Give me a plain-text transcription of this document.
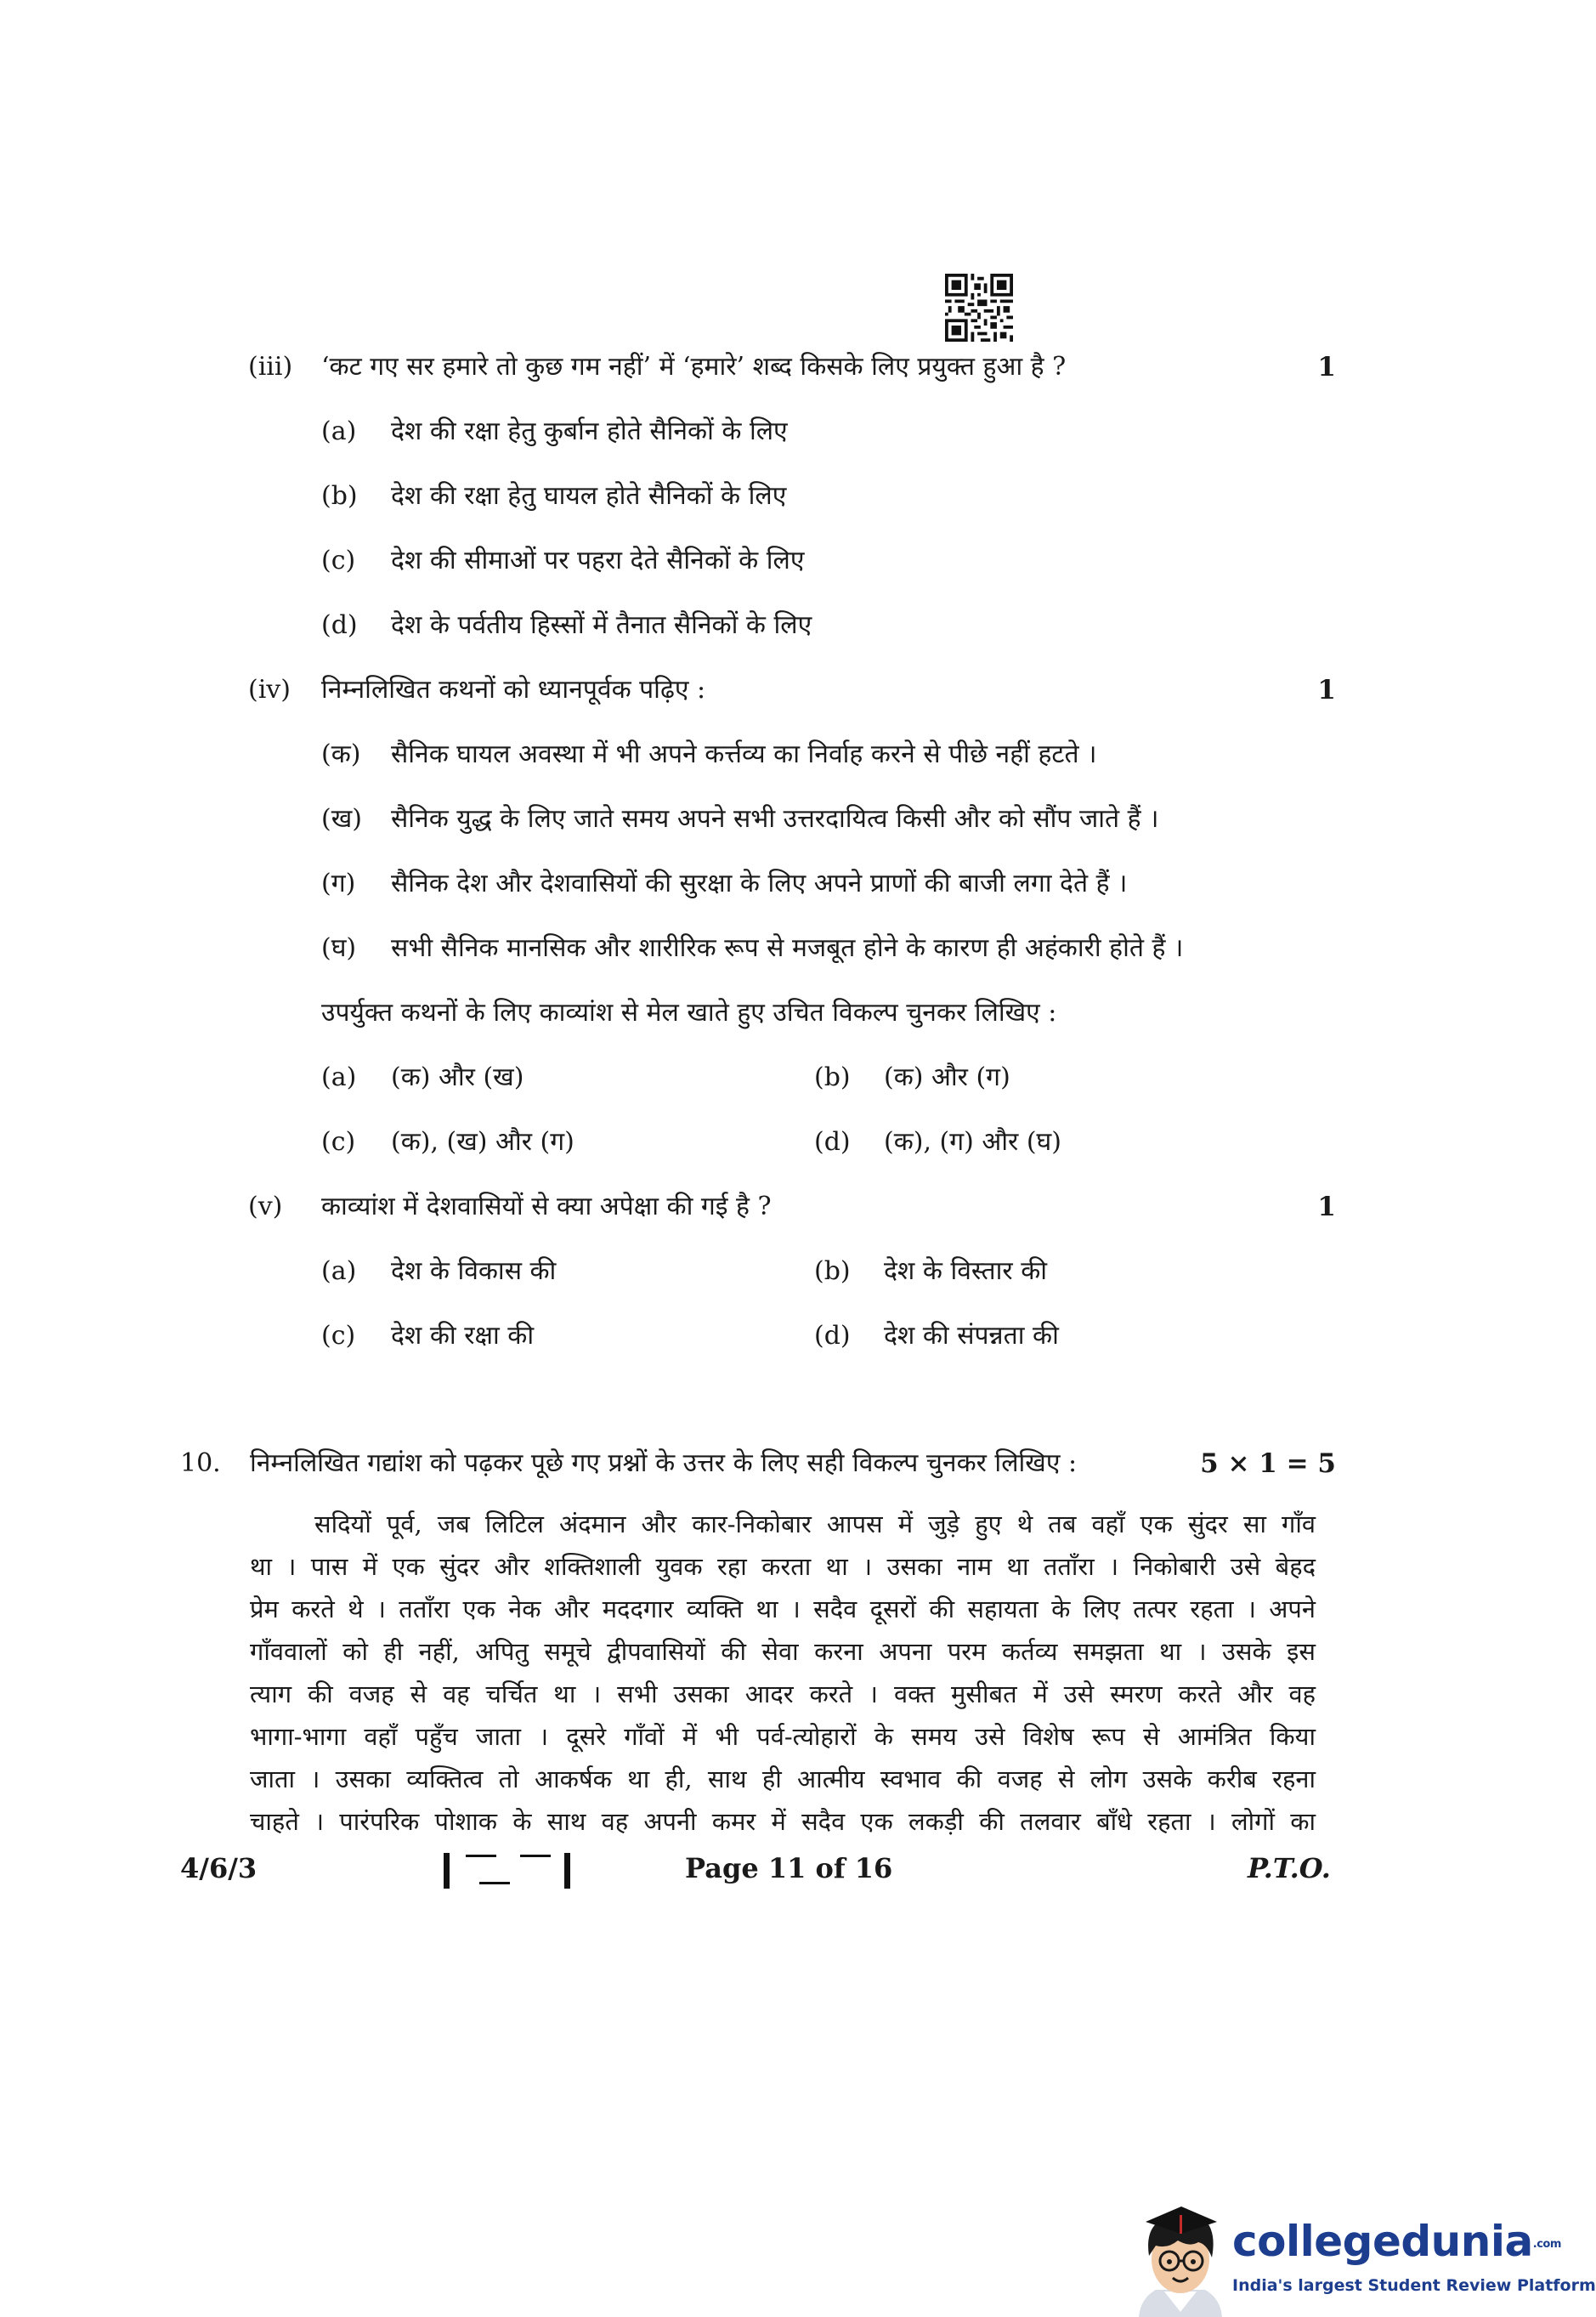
(iii) ‘कट गए सर हमारे तो कुछ गम नहीं’ में ‘हमारे’ शब्द किसके लिए प्रयुक्त हुआ है ?	1
(a) देश की रक्षा हेतु कुर्बान होते सैनिकों के लिए
(b) देश की रक्षा हेतु घायल होते सैनिकों के लिए
(c) देश की सीमाओं पर पहरा देते सैनिकों के लिए
(d) देश के पर्वतीय हिस्सों में तैनात सैनिकों के लिए
(iv) निम्नलिखित कथनों को ध्यानपूर्वक पढ़िए :	1
(क) सैनिक घायल अवस्था में भी अपने कर्त्तव्य का निर्वाह करने से पीछे नहीं हटते ।
(ख) सैनिक युद्ध के लिए जाते समय अपने सभी उत्तरदायित्व किसी और को सौंप जाते हैं ।
(ग) सैनिक देश और देशवासियों की सुरक्षा के लिए अपने प्राणों की बाजी लगा देते हैं ।
(घ) सभी सैनिक मानसिक और शारीरिक रूप से मजबूत होने के कारण ही अहंकारी होते हैं ।
उपर्युक्त कथनों के लिए काव्यांश से मेल खाते हुए उचित विकल्प चुनकर लिखिए :
(a) (क) और (ख)	(b) (क) और (ग)
(c) (क), (ख) और (ग)	(d) (क), (ग) और (घ)
(v) काव्यांश में देशवासियों से क्या अपेक्षा की गई है ?	1
(a) देश के विकास की	(b) देश के विस्तार की
(c) देश की रक्षा की	(d) देश की संपन्नता की
10. निम्नलिखित गद्यांश को पढ़कर पूछे गए प्रश्नों के उत्तर के लिए सही विकल्प चुनकर लिखिए :	5 × 1 = 5
सदियों पूर्व, जब लिटिल अंदमान और कार-निकोबार आपस में जुड़े हुए थे तब वहाँ एक सुंदर सा गाँव
था । पास में एक सुंदर और शक्तिशाली युवक रहा करता था । उसका नाम था तताँरा । निकोबारी उसे बेहद
प्रेम करते थे । तताँरा एक नेक और मददगार व्यक्ति था । सदैव दूसरों की सहायता के लिए तत्पर रहता । अपने
गाँववालों को ही नहीं, अपितु समूचे द्वीपवासियों की सेवा करना अपना परम कर्तव्य समझता था । उसके इस
त्याग की वजह से वह चर्चित था । सभी उसका आदर करते । वक्त मुसीबत में उसे स्मरण करते और वह
भागा-भागा वहाँ पहुँच जाता । दूसरे गाँवों में भी पर्व-त्योहारों के समय उसे विशेष रूप से आमंत्रित किया
जाता । उसका व्यक्तित्व तो आकर्षक था ही, साथ ही आत्मीय स्वभाव की वजह से लोग उसके करीब रहना
चाहते । पारंपरिक पोशाक के साथ वह अपनी कमर में सदैव एक लकड़ी की तलवार बाँधे रहता । लोगों का
4/6/3	Page 11 of 16	P.T.O.
collegedunia.com
India's largest Student Review Platform
